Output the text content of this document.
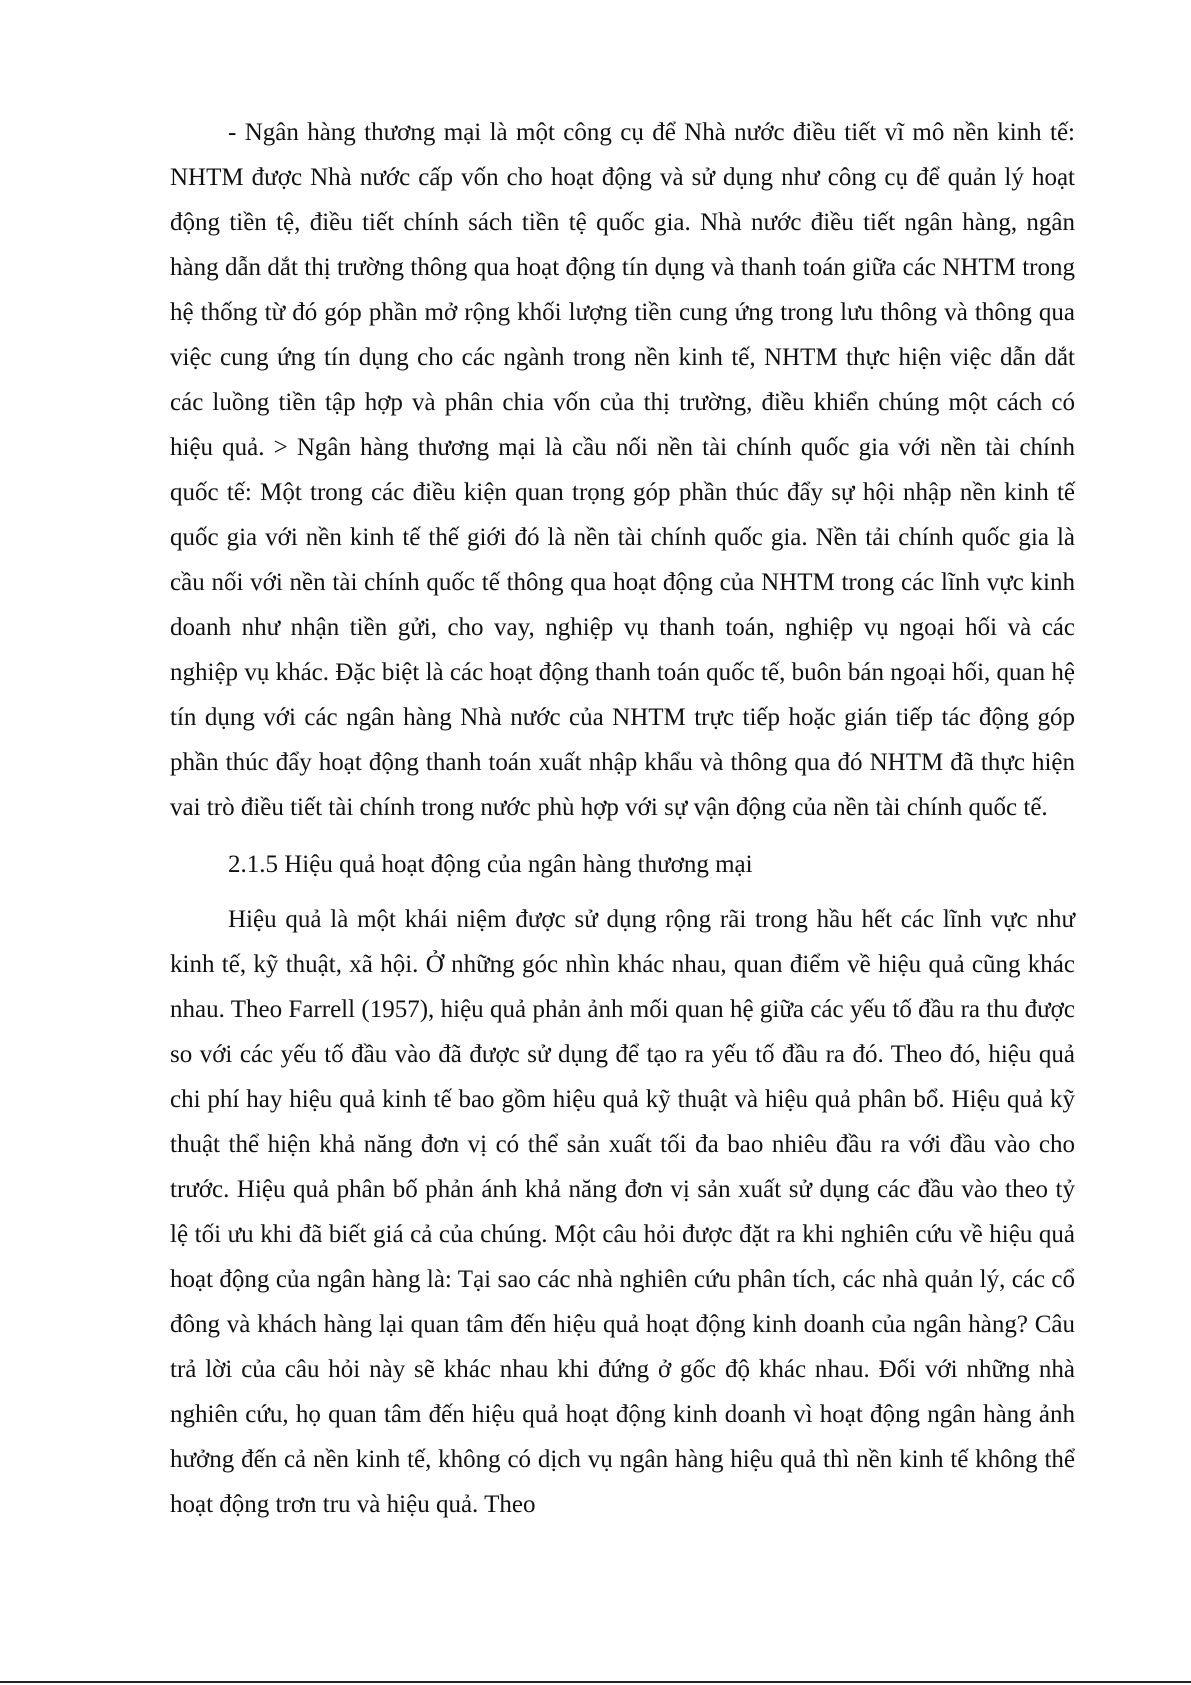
- Ngân hàng thương mại là một công cụ để Nhà nước điều tiết vĩ mô nền kinh tế: NHTM được Nhà nước cấp vốn cho hoạt động và sử dụng như công cụ để quản lý hoạt động tiền tệ, điều tiết chính sách tiền tệ quốc gia. Nhà nước điều tiết ngân hàng, ngân hàng dẫn dắt thị trường thông qua hoạt động tín dụng và thanh toán giữa các NHTM trong hệ thống từ đó góp phần mở rộng khối lượng tiền cung ứng trong lưu thông và thông qua việc cung ứng tín dụng cho các ngành trong nền kinh tế, NHTM thực hiện việc dẫn dắt các luồng tiền tập hợp và phân chia vốn của thị trường, điều khiển chúng một cách có hiệu quả. > Ngân hàng thương mại là cầu nối nền tài chính quốc gia với nền tài chính quốc tế: Một trong các điều kiện quan trọng góp phần thúc đẩy sự hội nhập nền kinh tế quốc gia với nền kinh tế thế giới đó là nền tài chính quốc gia. Nền tải chính quốc gia là cầu nối với nền tài chính quốc tế thông qua hoạt động của NHTM trong các lĩnh vực kinh doanh như nhận tiền gửi, cho vay, nghiệp vụ thanh toán, nghiệp vụ ngoại hối và các nghiệp vụ khác. Đặc biệt là các hoạt động thanh toán quốc tế, buôn bán ngoại hối, quan hệ tín dụng với các ngân hàng Nhà nước của NHTM trực tiếp hoặc gián tiếp tác động góp phần thúc đẩy hoạt động thanh toán xuất nhập khẩu và thông qua đó NHTM đã thực hiện vai trò điều tiết tài chính trong nước phù hợp với sự vận động của nền tài chính quốc tế.

2.1.5 Hiệu quả hoạt động của ngân hàng thương mại

Hiệu quả là một khái niệm được sử dụng rộng rãi trong hầu hết các lĩnh vực như kinh tế, kỹ thuật, xã hội. Ở những góc nhìn khác nhau, quan điểm về hiệu quả cũng khác nhau. Theo Farrell (1957), hiệu quả phản ảnh mối quan hệ giữa các yếu tố đầu ra thu được so với các yếu tố đầu vào đã được sử dụng để tạo ra yếu tố đầu ra đó. Theo đó, hiệu quả chi phí hay hiệu quả kinh tế bao gồm hiệu quả kỹ thuật và hiệu quả phân bổ. Hiệu quả kỹ thuật thể hiện khả năng đơn vị có thể sản xuất tối đa bao nhiêu đầu ra với đầu vào cho trước. Hiệu quả phân bố phản ánh khả năng đơn vị sản xuất sử dụng các đầu vào theo tỷ lệ tối ưu khi đã biết giá cả của chúng. Một câu hỏi được đặt ra khi nghiên cứu về hiệu quả hoạt động của ngân hàng là: Tại sao các nhà nghiên cứu phân tích, các nhà quản lý, các cổ đông và khách hàng lại quan tâm đến hiệu quả hoạt động kinh doanh của ngân hàng? Câu trả lời của câu hỏi này sẽ khác nhau khi đứng ở gốc độ khác nhau. Đối với những nhà nghiên cứu, họ quan tâm đến hiệu quả hoạt động kinh doanh vì hoạt động ngân hàng ảnh hưởng đến cả nền kinh tế, không có dịch vụ ngân hàng hiệu quả thì nền kinh tế không thể hoạt động trơn tru và hiệu quả. Theo
